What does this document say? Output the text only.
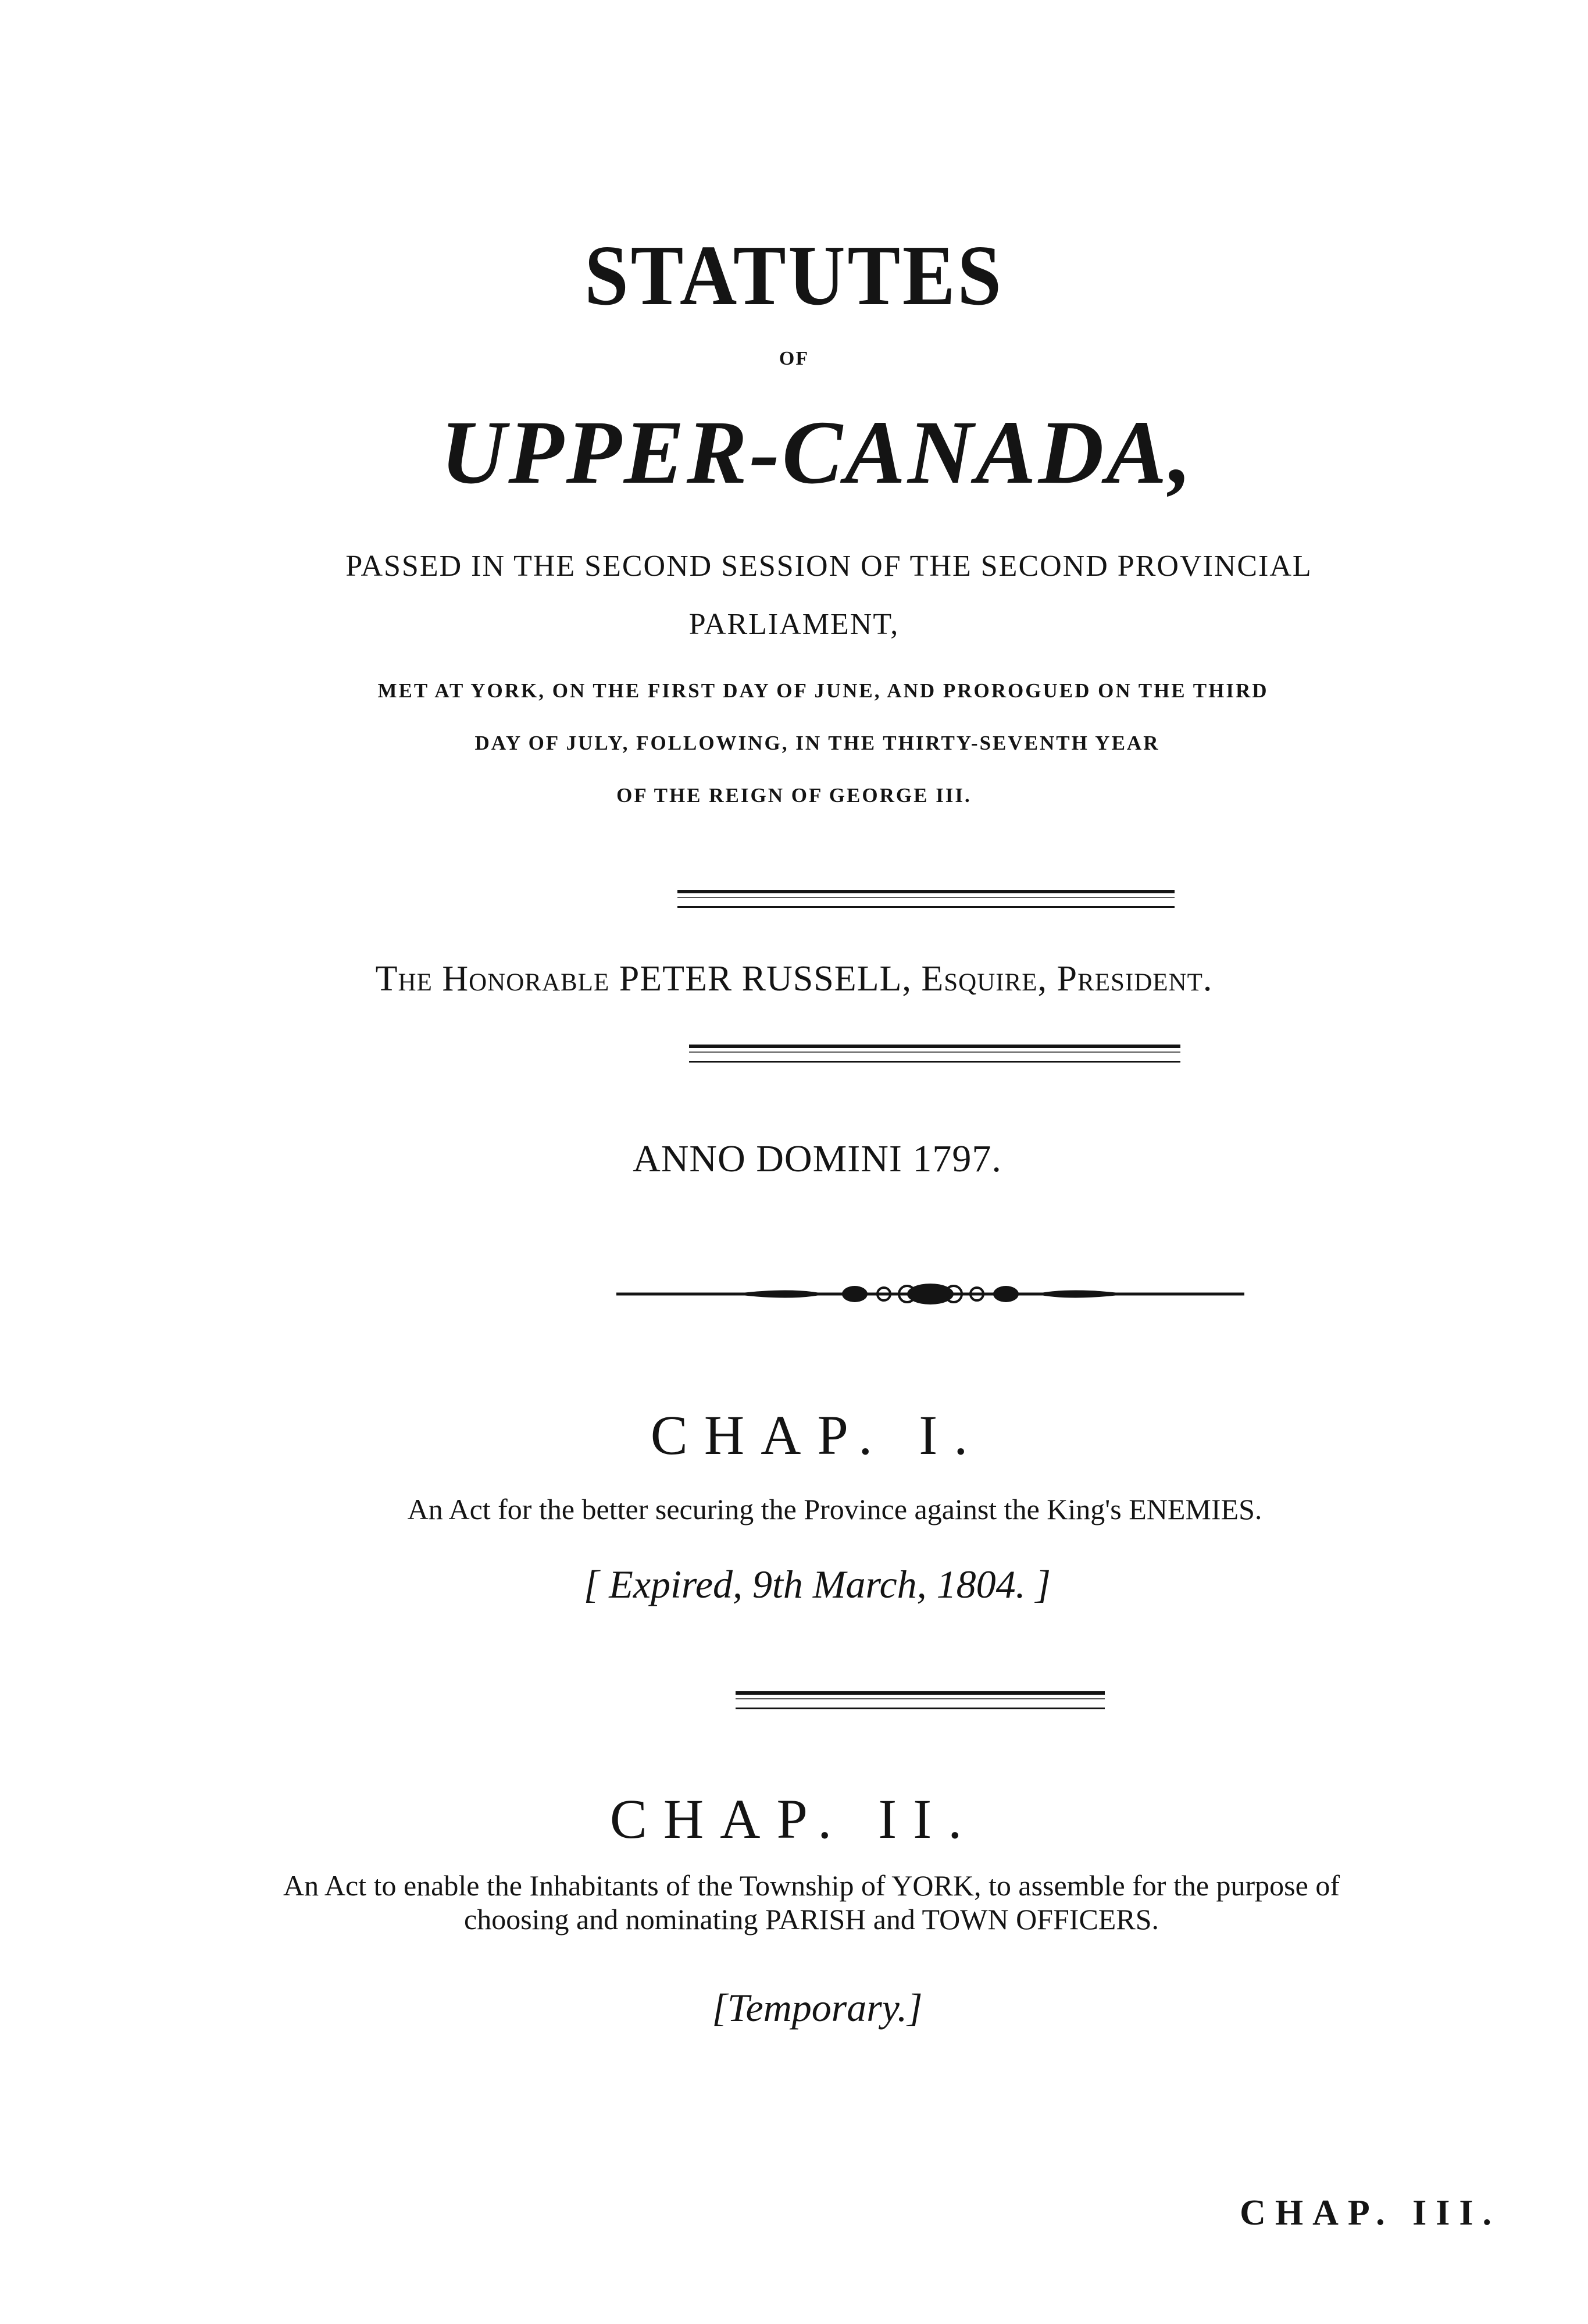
STATUTES
OF
UPPER-CANADA,
PASSED IN THE SECOND SESSION OF THE SECOND PROVINCIAL
PARLIAMENT,
MET AT YORK, ON THE FIRST DAY OF JUNE, AND PROROGUED ON THE THIRD
DAY OF JULY, FOLLOWING, IN THE THIRTY-SEVENTH YEAR
OF THE REIGN OF GEORGE III.
The Honorable PETER RUSSELL, Esquire, President.
ANNO DOMINI 1797.
CHAP. I.
An Act for the better securing the Province against the King's ENEMIES.
[ Expired, 9th March, 1804. ]
CHAP. II.
An Act to enable the Inhabitants of the Township of YORK, to assemble for the purpose of
choosing and nominating PARISH and TOWN OFFICERS.
[Temporary.]
CHAP. III.
